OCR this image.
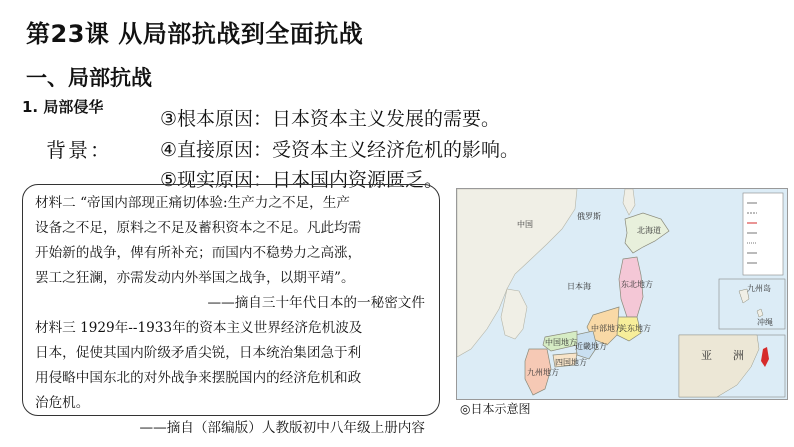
第23课 从局部抗战到全面抗战
一、局部抗战
1. 局部侵华
背景：
③根本原因：日本资本主义发展的需要。
④直接原因：受资本主义经济危机的影响。
⑤现实原因：日本国内资源匮乏。
材料二 “帝国内部现正痛切体验:生产力之不足，生产
设备之不足，原料之不足及蓄积资本之不足。凡此均需
开始新的战争，俾有所补充；而国内不稳势力之高涨，
罢工之狂澜，亦需发动内外举国之战争，以期平靖”。
——摘自三十年代日本的一秘密文件
材料三 1929年--1933年的资本主义世界经济危机波及
日本，促使其国内阶级矛盾尖锐，日本统治集团急于利
用侵略中国东北的对外战争来摆脱国内的经济危机和政
治危机。
——摘自（部编版）人教版初中八年级上册内容
中国
俄罗斯
北海道
日本海	东北地方
关东地方
中部地方
近畿地方
中国地方
四国地方
九州地方
九州岛
冲绳
亚 洲
◎日本示意图
